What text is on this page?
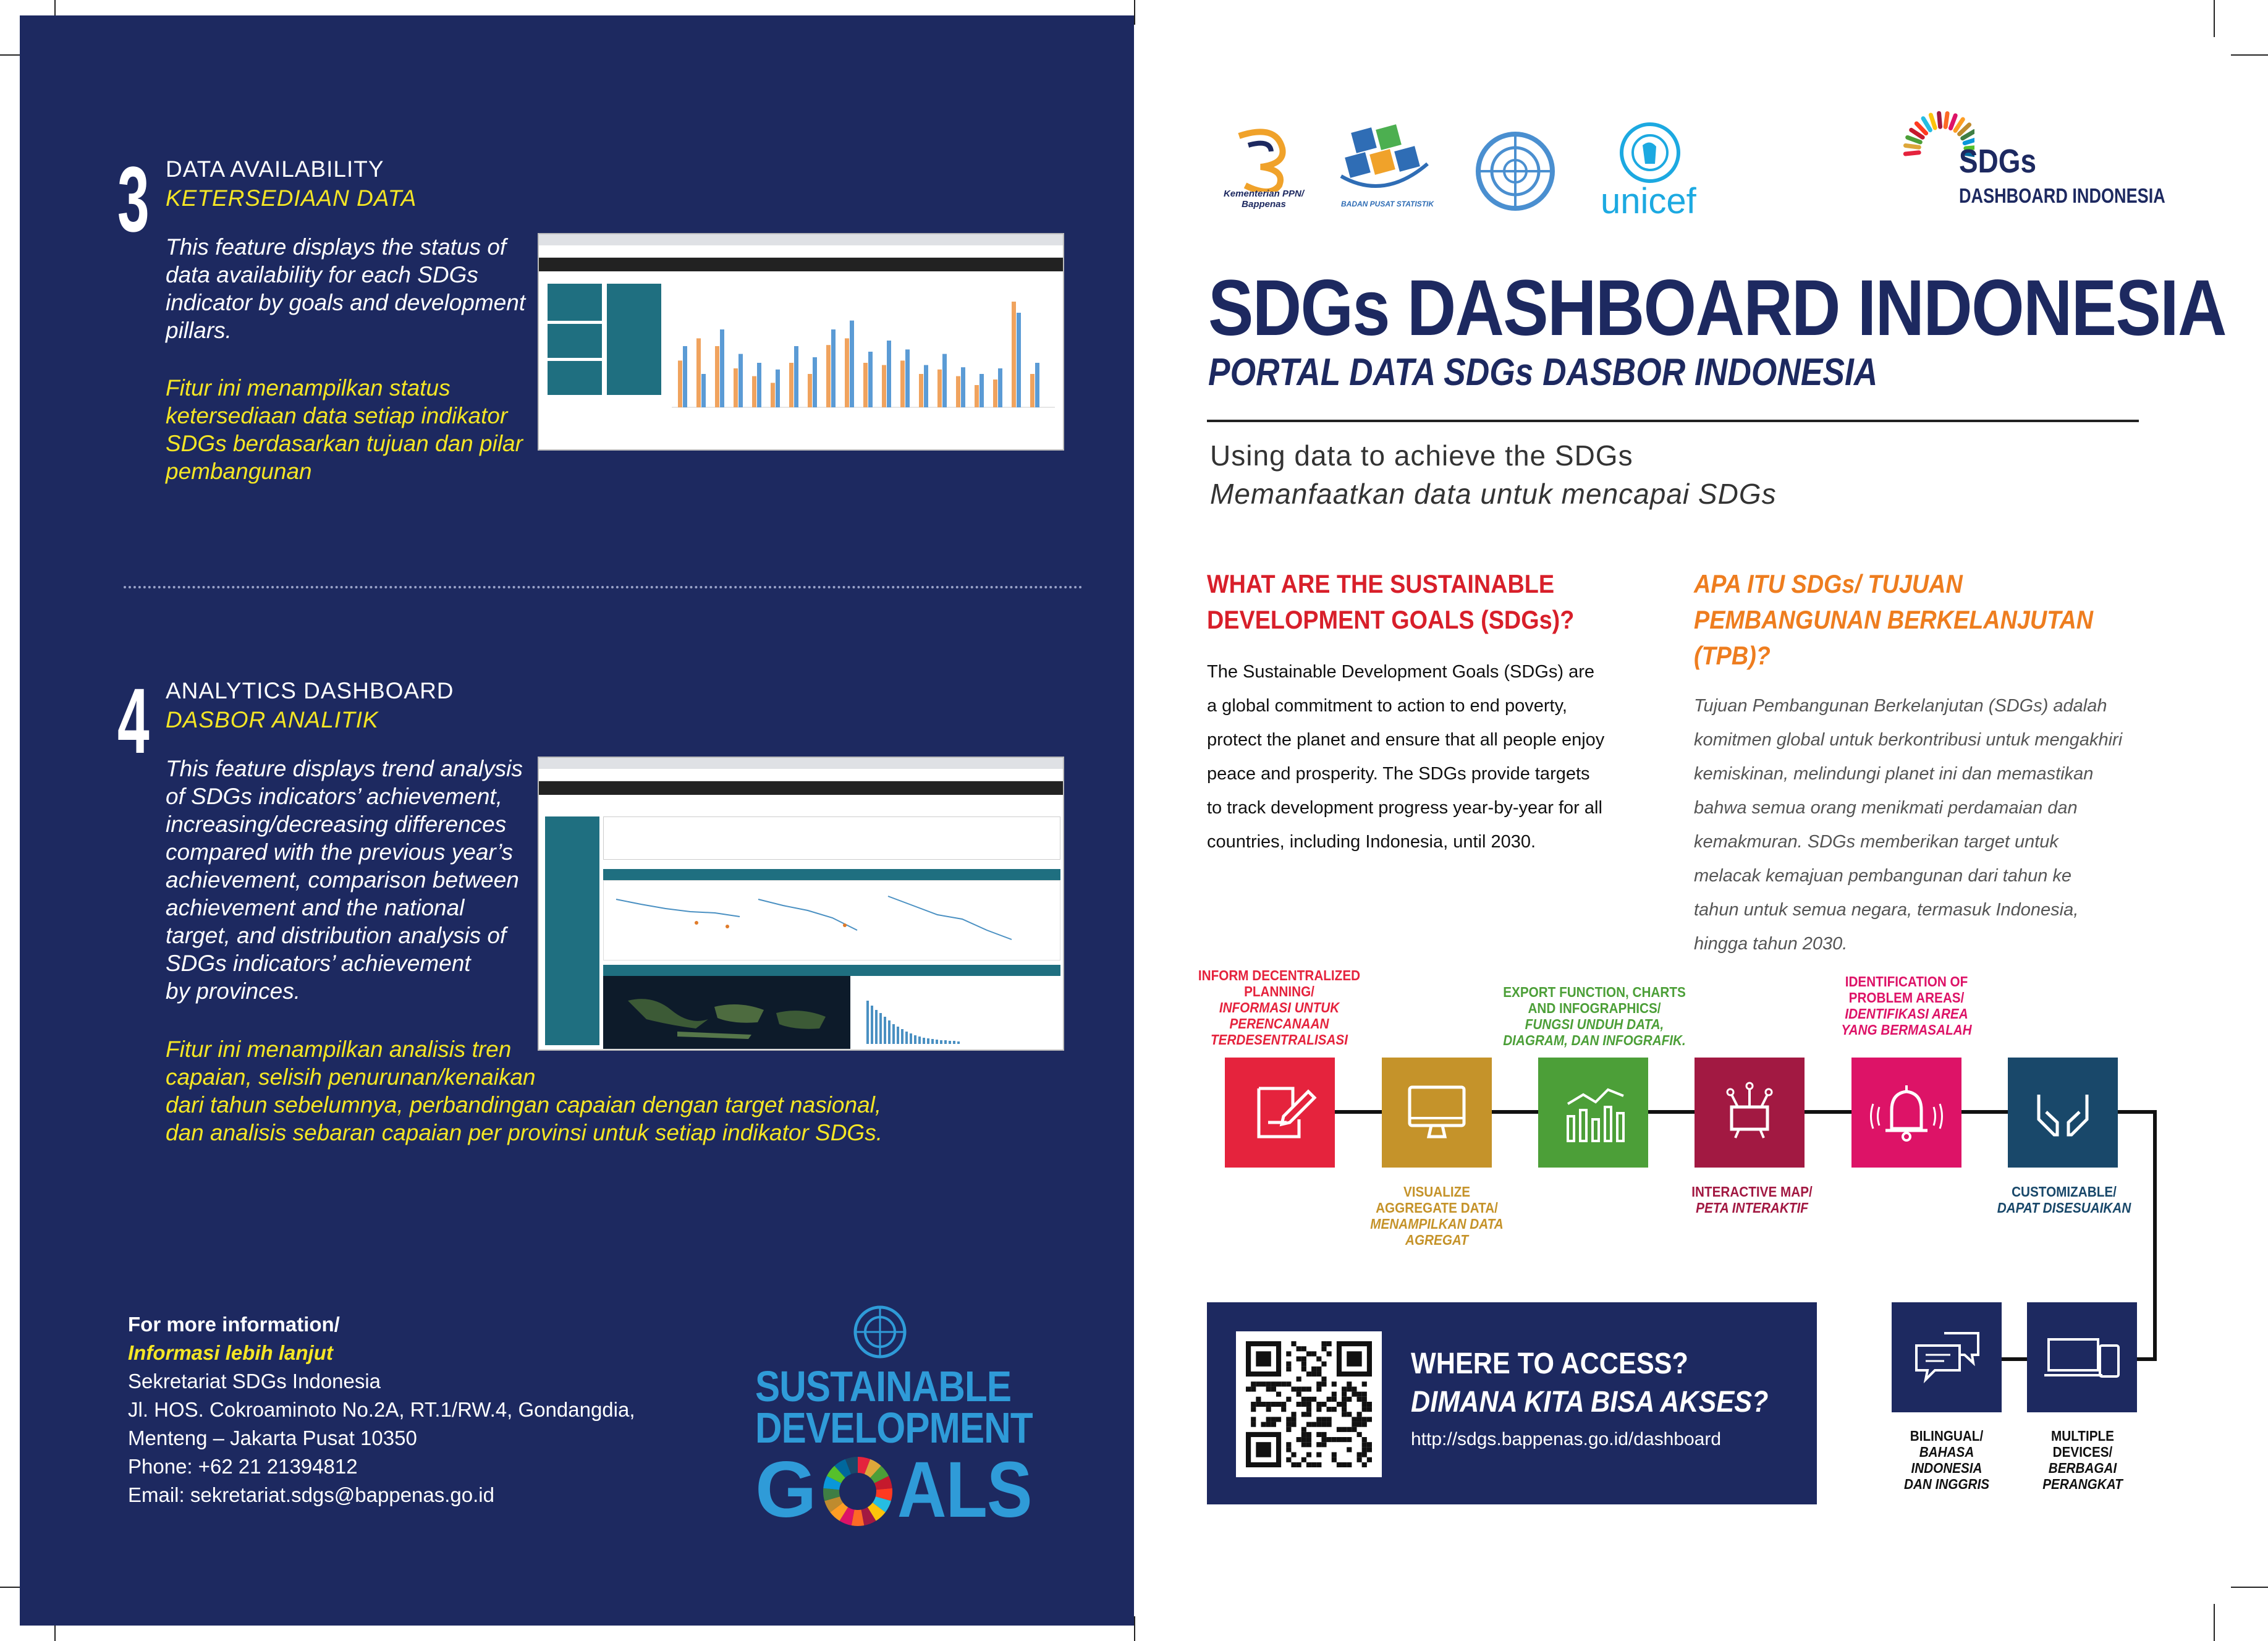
3 DATA AVAILABILITY
KETERSEDIAAN DATA
This feature displays the status of
data availability for each SDGs
indicator by goals and development
pillars.
Fitur ini menampilkan status
ketersediaan data setiap indikator
SDGs berdasarkan tujuan dan pilar
pembangunan
4 ANALYTICS DASHBOARD
DASBOR ANALITIK
This feature displays trend analysis
of SDGs indicators’ achievement,
increasing/decreasing differences
compared with the previous year’s
achievement, comparison between
achievement and the national
target, and distribution analysis of
SDGs indicators’ achievement
by provinces.
Fitur ini menampilkan analisis tren
capaian, selisih penurunan/kenaikan
dari tahun sebelumnya, perbandingan capaian dengan target nasional,
dan analisis sebaran capaian per provinsi untuk setiap indikator SDGs.
For more information/
Informasi lebih lanjut
Sekretariat SDGs Indonesia
Jl. HOS. Cokroaminoto No.2A, RT.1/RW.4, Gondangdia,
Menteng – Jakarta Pusat 10350
Phone: +62 21 21394812
Email: sekretariat.sdgs@bappenas.go.id
SUSTAINABLE
DEVELOPMENT
G ALS
Kementerian PPN/
Bappenas	BADAN PUSAT STATISTIK	unicef
SDGs
DASHBOARD INDONESIA
SDGs DASHBOARD INDONESIA
PORTAL DATA SDGs DASBOR INDONESIA
Using data to achieve the SDGs
Memanfaatkan data untuk mencapai SDGs
WHAT ARE THE SUSTAINABLE
DEVELOPMENT GOALS (SDGs)?
The Sustainable Development Goals (SDGs) are
a global commitment to action to end poverty,
protect the planet and ensure that all people enjoy
peace and prosperity. The SDGs provide targets
to track development progress year-by-year for all
countries, including Indonesia, until 2030.
APA ITU SDGs/ TUJUAN
PEMBANGUNAN BERKELANJUTAN
(TPB)?
Tujuan Pembangunan Berkelanjutan (SDGs) adalah
komitmen global untuk berkontribusi untuk mengakhiri
kemiskinan, melindungi planet ini dan memastikan
bahwa semua orang menikmati perdamaian dan
kemakmuran. SDGs memberikan target untuk
melacak kemajuan pembangunan dari tahun ke
tahun untuk semua negara, termasuk Indonesia,
hingga tahun 2030.
INFORM DECENTRALIZED
PLANNING/
INFORMASI UNTUK
PERENCANAAN
TERDESENTRALISASI
VISUALIZE
AGGREGATE DATA/
MENAMPILKAN DATA
AGREGAT
EXPORT FUNCTION, CHARTS
AND INFOGRAPHICS/
FUNGSI UNDUH DATA,
DIAGRAM, DAN INFOGRAFIK.
INTERACTIVE MAP/
PETA INTERAKTIF
IDENTIFICATION OF
PROBLEM AREAS/
IDENTIFIKASI AREA
YANG BERMASALAH
CUSTOMIZABLE/
DAPAT DISESUAIKAN
WHERE TO ACCESS?
DIMANA KITA BISA AKSES?
http://sdgs.bappenas.go.id/dashboard	BILINGUAL/
BAHASA
INDONESIA
DAN INGGRIS
MULTIPLE
DEVICES/
BERBAGAI
PERANGKAT
